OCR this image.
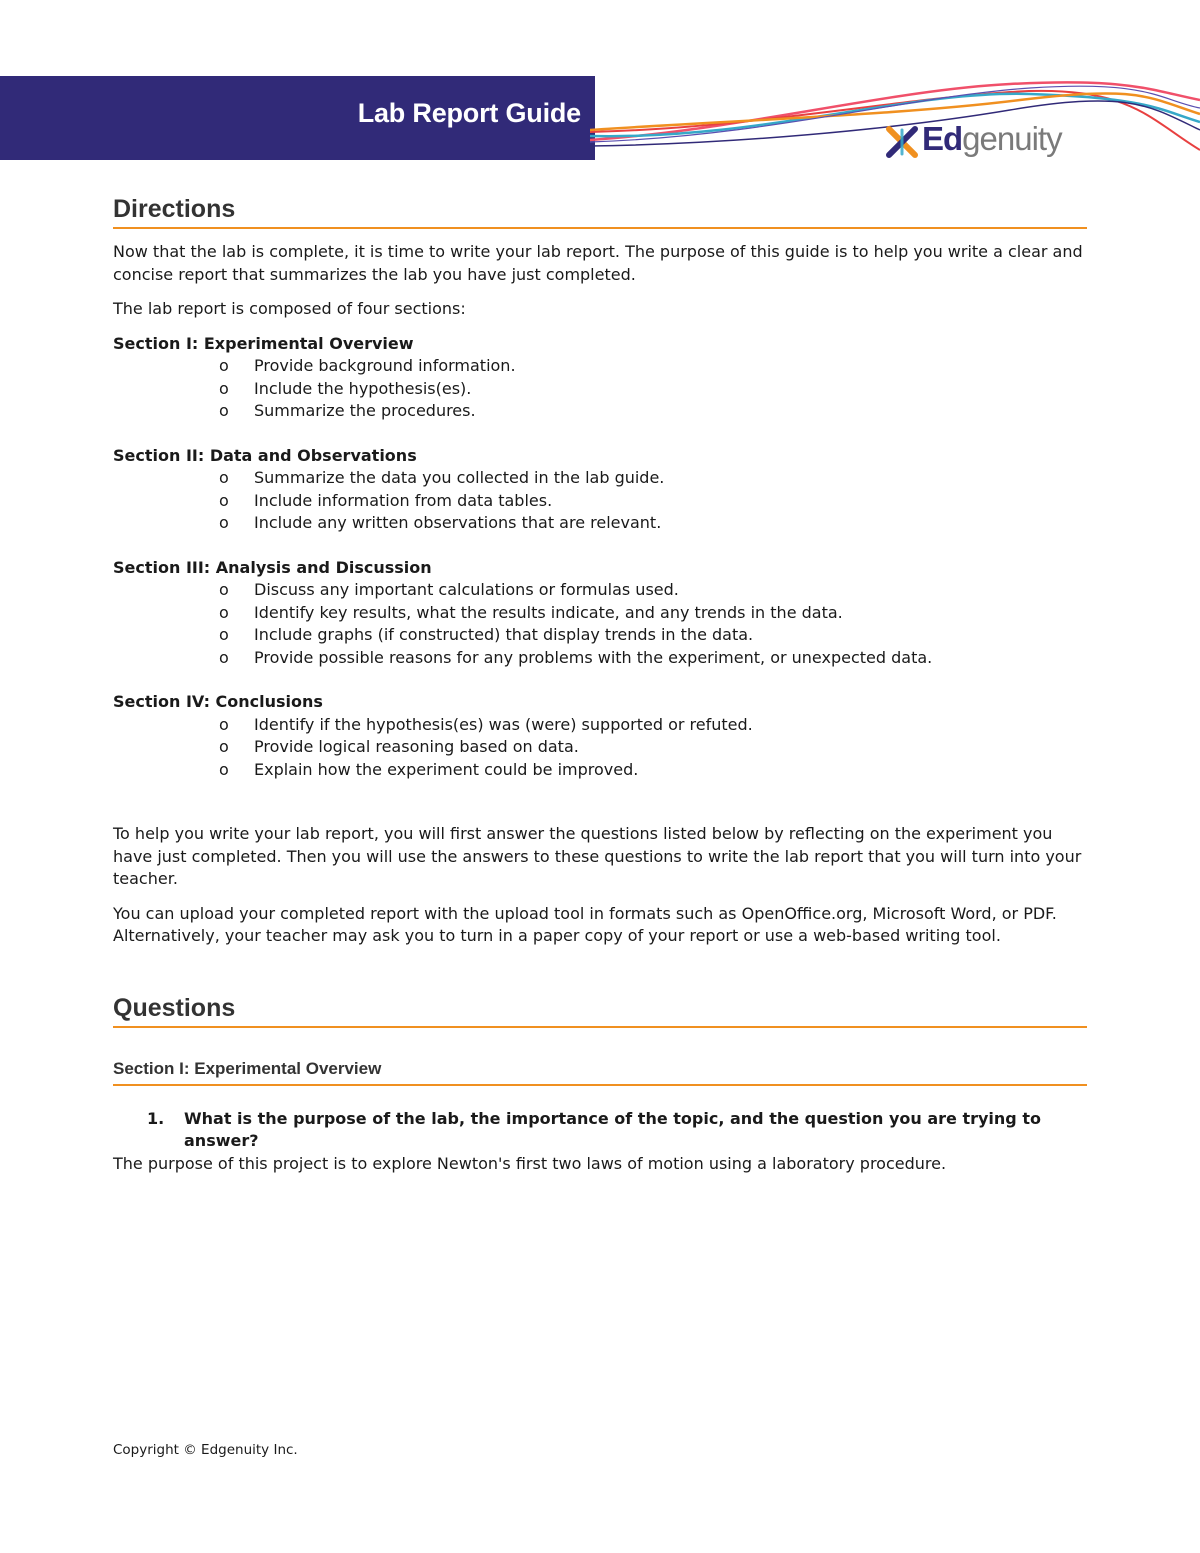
Lab Report Guide
Edgenuity
Directions

Now that the lab is complete, it is time to write your lab report. The purpose of this guide is to help you write a clear and concise report that summarizes the lab you have just completed.

The lab report is composed of four sections:

Section I: Experimental Overview

o Provide background information.
o Include the hypothesis(es).
o Summarize the procedures.

Section II: Data and Observations

o Summarize the data you collected in the lab guide.
o Include information from data tables.
o Include any written observations that are relevant.

Section III: Analysis and Discussion

o Discuss any important calculations or formulas used.
o Identify key results, what the results indicate, and any trends in the data.
o Include graphs (if constructed) that display trends in the data.
o Provide possible reasons for any problems with the experiment, or unexpected data.

Section IV: Conclusions

o Identify if the hypothesis(es) was (were) supported or refuted.
o Provide logical reasoning based on data.
o Explain how the experiment could be improved.

To help you write your lab report, you will first answer the questions listed below by reflecting on the experiment you have just completed. Then you will use the answers to these questions to write the lab report that you will turn into your teacher.

You can upload your completed report with the upload tool in formats such as OpenOffice.org, Microsoft Word, or PDF. Alternatively, your teacher may ask you to turn in a paper copy of your report or use a web-based writing tool.

Questions
Section I: Experimental Overview
1. What is the purpose of the lab, the importance of the topic, and the question you are trying to answer?

The purpose of this project is to explore Newton's first two laws of motion using a laboratory procedure.

Copyright © Edgenuity Inc.
